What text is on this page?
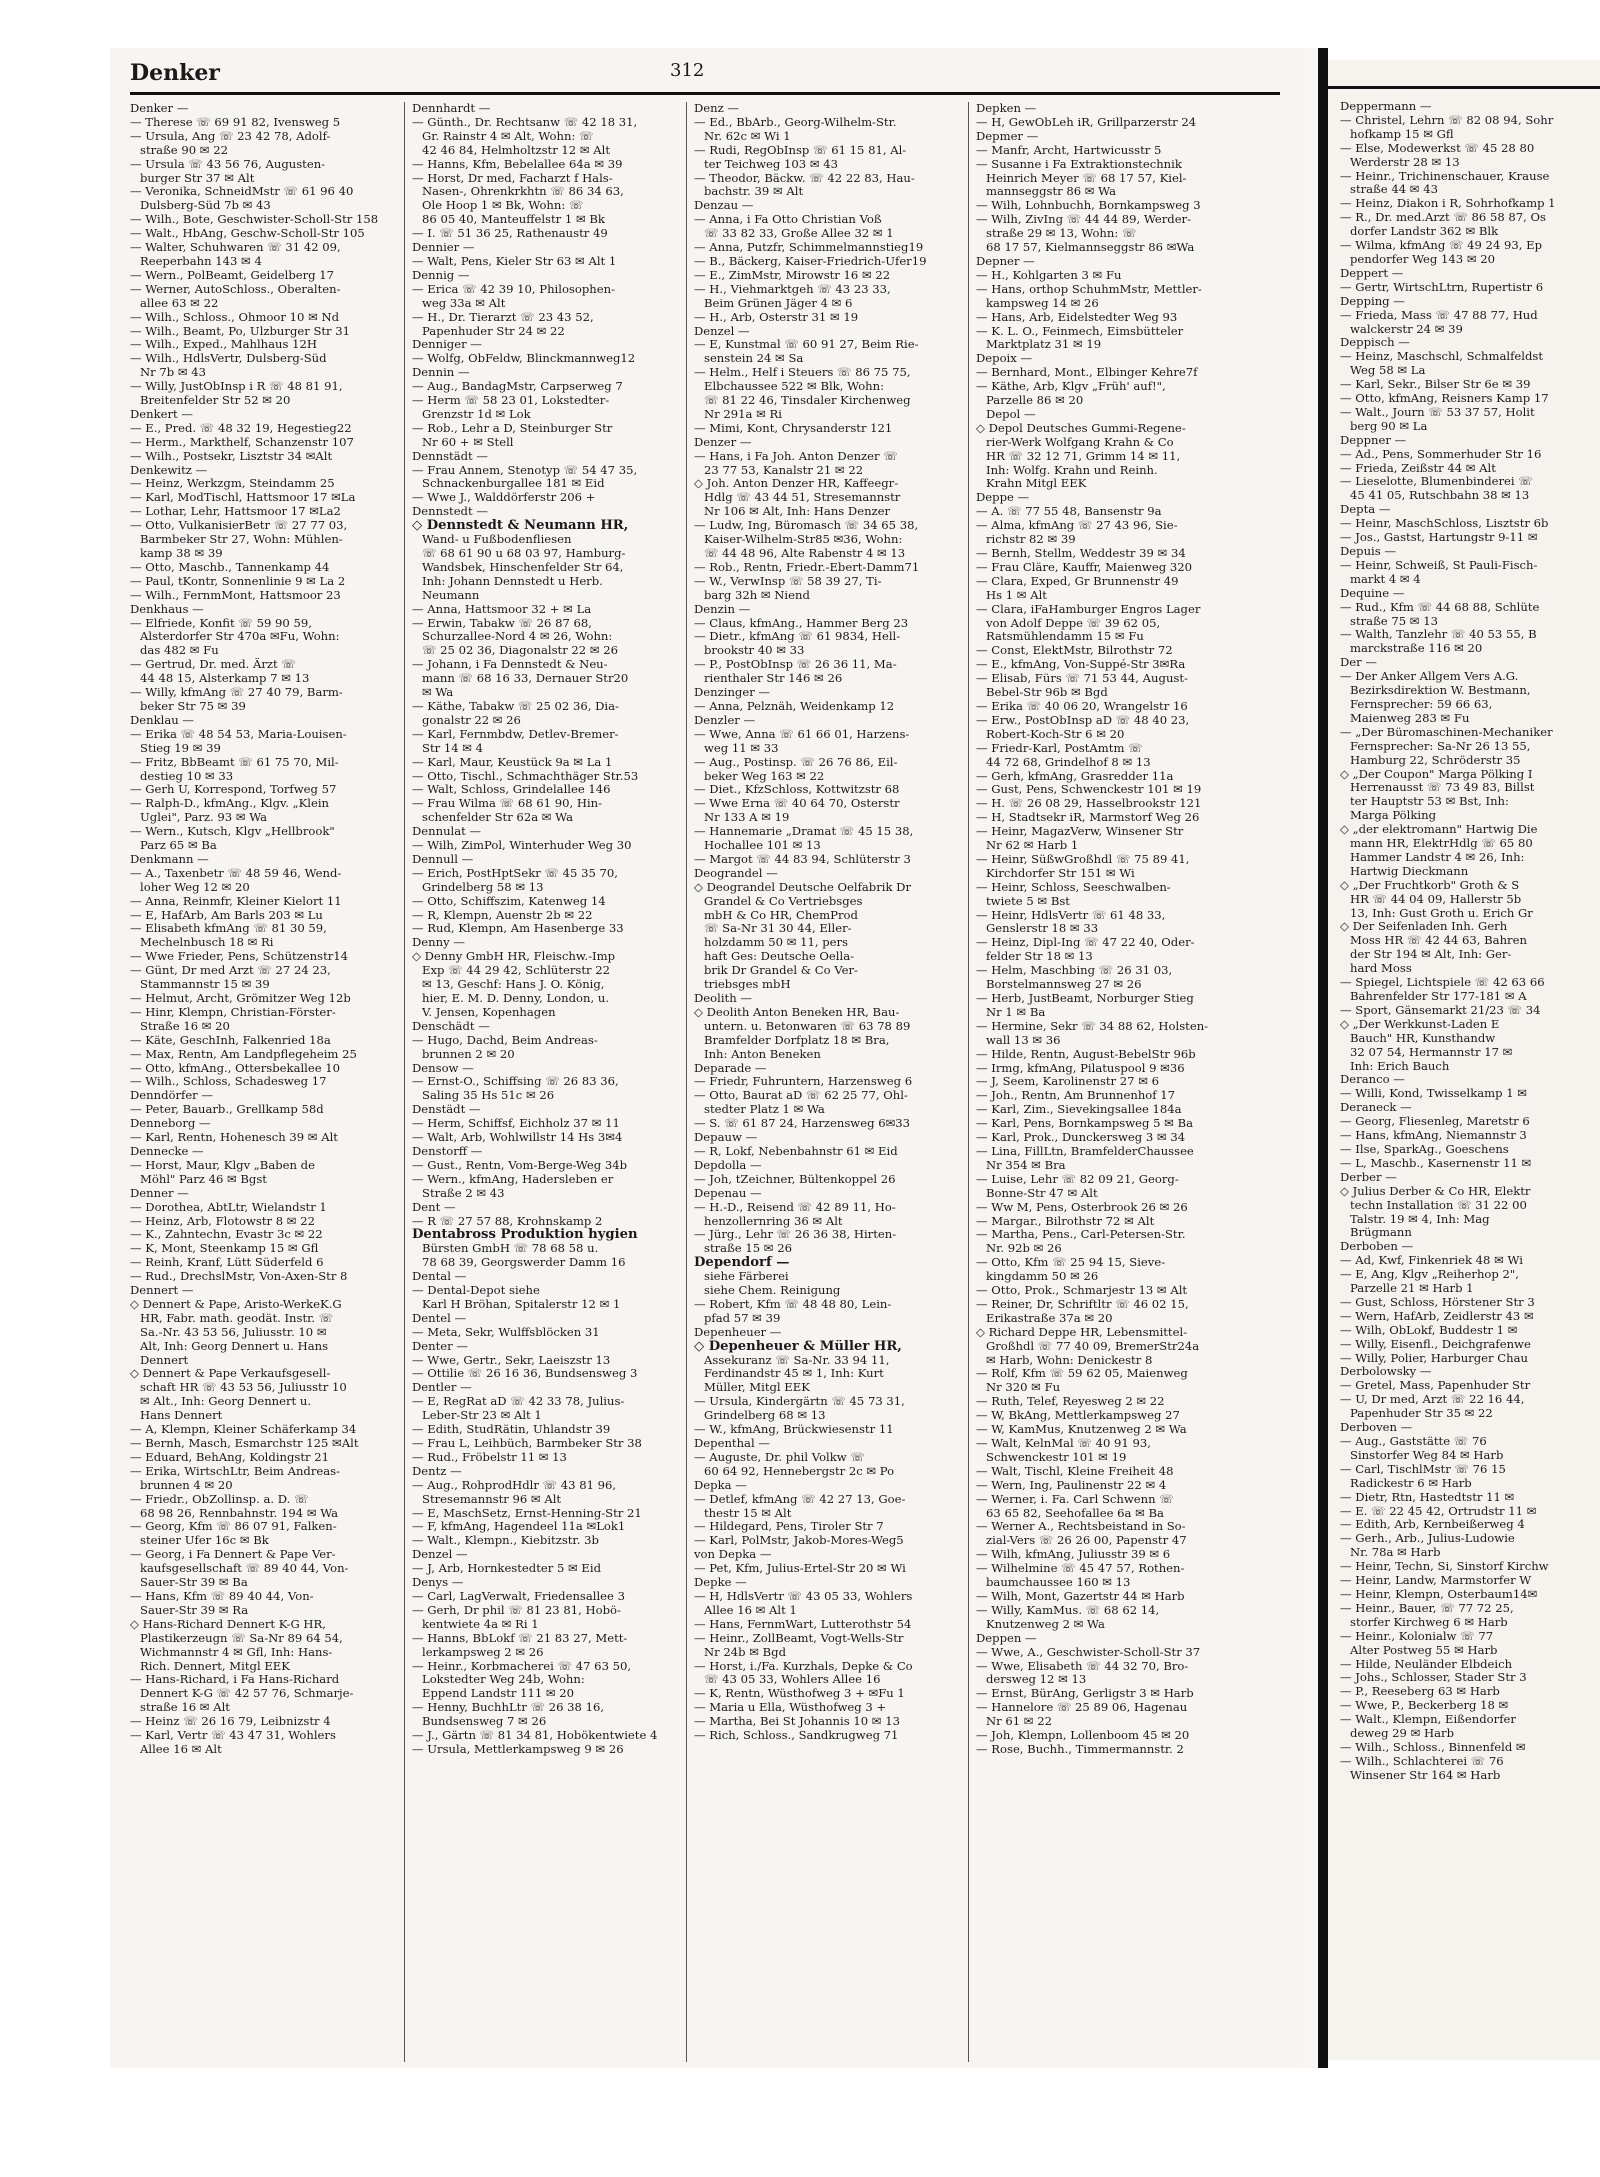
Denker	312
Denker —
— Therese ☏ 69 91 82, Ivensweg 5
— Ursula, Ang ☏ 23 42 78, Adolf-
straße 90 ✉ 22
— Ursula ☏ 43 56 76, Augusten-
burger Str 37 ✉ Alt
— Veronika, SchneidMstr ☏ 61 96 40
Dulsberg-Süd 7b ✉ 43
— Wilh., Bote, Geschwister-Scholl-Str 158
— Walt., HbAng, Geschw-Scholl-Str 105
— Walter, Schuhwaren ☏ 31 42 09,
Reeperbahn 143 ✉ 4
— Wern., PolBeamt, Geidelberg 17
— Werner, AutoSchloss., Oberalten-
allee 63 ✉ 22
— Wilh., Schloss., Ohmoor 10 ✉ Nd
— Wilh., Beamt, Po, Ulzburger Str 31
— Wilh., Exped., Mahlhaus 12H
— Wilh., HdlsVertr, Dulsberg-Süd
Nr 7b ✉ 43
— Willy, JustObInsp i R ☏ 48 81 91,
Breitenfelder Str 52 ✉ 20
Denkert —
— E., Pred. ☏ 48 32 19, Hegestieg22
— Herm., Markthelf, Schanzenstr 107
— Wilh., Postsekr, Lisztstr 34 ✉Alt
Denkewitz —
— Heinz, Werkzgm, Steindamm 25
— Karl, ModTischl, Hattsmoor 17 ✉La
— Lothar, Lehr, Hattsmoor 17 ✉La2
— Otto, VulkanisierBetr ☏ 27 77 03,
Barmbeker Str 27, Wohn: Mühlen-
kamp 38 ✉ 39
— Otto, Maschb., Tannenkamp 44
— Paul, tKontr, Sonnenlinie 9 ✉ La 2
— Wilh., FernmMont, Hattsmoor 23
Denkhaus —
— Elfriede, Konfit ☏ 59 90 59,
Alsterdorfer Str 470a ✉Fu, Wohn:
das 482 ✉ Fu
— Gertrud, Dr. med. Ärzt ☏
44 48 15, Alsterkamp 7 ✉ 13
— Willy, kfmAng ☏ 27 40 79, Barm-
beker Str 75 ✉ 39
Denklau —
— Erika ☏ 48 54 53, Maria-Louisen-
Stieg 19 ✉ 39
— Fritz, BbBeamt ☏ 61 75 70, Mil-
destieg 10 ✉ 33
— Gerh U, Korrespond, Torfweg 57
— Ralph-D., kfmAng., Klgv. „Klein
Uglei", Parz. 93 ✉ Wa
— Wern., Kutsch, Klgv „Hellbrook"
Parz 65 ✉ Ba
Denkmann —
— A., Taxenbetr ☏ 48 59 46, Wend-
loher Weg 12 ✉ 20
— Anna, Reinmfr, Kleiner Kielort 11
— E, HafArb, Am Barls 203 ✉ Lu
— Elisabeth kfmAng ☏ 81 30 59,
Mechelnbusch 18 ✉ Ri
— Wwe Frieder, Pens, Schützenstr14
— Günt, Dr med Arzt ☏ 27 24 23,
Stammannstr 15 ✉ 39
— Helmut, Archt, Grömitzer Weg 12b
— Hinr, Klempn, Christian-Förster-
Straße 16 ✉ 20
— Käte, GeschInh, Falkenried 18a
— Max, Rentn, Am Landpflegeheim 25
— Otto, kfmAng., Ottersbekallee 10
— Wilh., Schloss, Schadesweg 17
Denndörfer —
— Peter, Bauarb., Grellkamp 58d
Denneborg —
— Karl, Rentn, Hohenesch 39 ✉ Alt
Dennecke —
— Horst, Maur, Klgv „Baben de
Möhl" Parz 46 ✉ Bgst
Denner —
— Dorothea, AbtLtr, Wielandstr 1
— Heinz, Arb, Flotowstr 8 ✉ 22
— K., Zahntechn, Evastr 3c ✉ 22
— K, Mont, Steenkamp 15 ✉ Gfl
— Reinh, Kranf, Lütt Süderfeld 6
— Rud., DrechslMstr, Von-Axen-Str 8
Dennert —
◇ Dennert & Pape, Aristo-WerkeK.G
HR, Fabr. math. geodät. Instr. ☏
Sa.-Nr. 43 53 56, Juliusstr. 10 ✉
Alt, Inh: Georg Dennert u. Hans
Dennert
◇ Dennert & Pape Verkaufsgesell-
schaft HR ☏ 43 53 56, Juliusstr 10
✉ Alt., Inh: Georg Dennert u.
Hans Dennert
— A, Klempn, Kleiner Schäferkamp 34
— Bernh, Masch, Esmarchstr 125 ✉Alt
— Eduard, BehAng, Koldingstr 21
— Erika, WirtschLtr, Beim Andreas-
brunnen 4 ✉ 20
— Friedr., ObZollinsp. a. D. ☏
68 98 26, Rennbahnstr. 194 ✉ Wa
— Georg, Kfm ☏ 86 07 91, Falken-
steiner Ufer 16c ✉ Bk
— Georg, i Fa Dennert & Pape Ver-
kaufsgesellschaft ☏ 89 40 44, Von-
Sauer-Str 39 ✉ Ba
— Hans, Kfm ☏ 89 40 44, Von-
Sauer-Str 39 ✉ Ra
◇ Hans-Richard Dennert K-G HR,
Plastikerzeugn ☏ Sa-Nr 89 64 54,
Wichmannstr 4 ✉ Gfl, Inh: Hans-
Rich. Dennert, Mitgl EEK
— Hans-Richard, i Fa Hans-Richard
Dennert K-G ☏ 42 57 76, Schmarje-
straße 16 ✉ Alt
— Heinz ☏ 26 16 79, Leibnizstr 4
— Karl, Vertr ☏ 43 47 31, Wohlers
Allee 16 ✉ Alt
Dennhardt —
— Günth., Dr. Rechtsanw ☏ 42 18 31,
Gr. Rainstr 4 ✉ Alt, Wohn: ☏
42 46 84, Helmholtzstr 12 ✉ Alt
— Hanns, Kfm, Bebelallee 64a ✉ 39
— Horst, Dr med, Facharzt f Hals-
Nasen-, Ohrenkrkhtn ☏ 86 34 63,
Ole Hoop 1 ✉ Bk, Wohn: ☏
86 05 40, Manteuffelstr 1 ✉ Bk
— I. ☏ 51 36 25, Rathenaustr 49
Dennier —
— Walt, Pens, Kieler Str 63 ✉ Alt 1
Dennig —
— Erica ☏ 42 39 10, Philosophen-
weg 33a ✉ Alt
— H., Dr. Tierarzt ☏ 23 43 52,
Papenhuder Str 24 ✉ 22
Denniger —
— Wolfg, ObFeldw, Blinckmannweg12
Dennin —
— Aug., BandagMstr, Carpserweg 7
— Herm ☏ 58 23 01, Lokstedter-
Grenzstr 1d ✉ Lok
— Rob., Lehr a D, Steinburger Str
Nr 60 + ✉ Stell
Dennstädt —
— Frau Annem, Stenotyp ☏ 54 47 35,
Schnackenburgallee 181 ✉ Eid
— Wwe J., Walddörferstr 206 +
Dennstedt —
◇ Dennstedt & Neumann HR,
Wand- u Fußbodenfliesen
☏ 68 61 90 u 68 03 97, Hamburg-
Wandsbek, Hinschenfelder Str 64,
Inh: Johann Dennstedt u Herb.
Neumann
— Anna, Hattsmoor 32 + ✉ La
— Erwin, Tabakw ☏ 26 87 68,
Schurzallee-Nord 4 ✉ 26, Wohn:
☏ 25 02 36, Diagonalstr 22 ✉ 26
— Johann, i Fa Dennstedt & Neu-
mann ☏ 68 16 33, Dernauer Str20
✉ Wa
— Käthe, Tabakw ☏ 25 02 36, Dia-
gonalstr 22 ✉ 26
— Karl, Fernmbdw, Detlev-Bremer-
Str 14 ✉ 4
— Karl, Maur, Keustück 9a ✉ La 1
— Otto, Tischl., Schmachthäger Str.53
— Walt, Schloss, Grindelallee 146
— Frau Wilma ☏ 68 61 90, Hin-
schenfelder Str 62a ✉ Wa
Dennulat —
— Wilh, ZimPol, Winterhuder Weg 30
Dennull —
— Erich, PostHptSekr ☏ 45 35 70,
Grindelberg 58 ✉ 13
— Otto, Schiffszim, Katenweg 14
— R, Klempn, Auenstr 2b ✉ 22
— Rud, Klempn, Am Hasenberge 33
Denny —
◇ Denny GmbH HR, Fleischw.-Imp
Exp ☏ 44 29 42, Schlüterstr 22
✉ 13, Geschf: Hans J. O. König,
hier, E. M. D. Denny, London, u.
V. Jensen, Kopenhagen
Denschädt —
— Hugo, Dachd, Beim Andreas-
brunnen 2 ✉ 20
Densow —
— Ernst-O., Schiffsing ☏ 26 83 36,
Saling 35 Hs 51c ✉ 26
Denstädt —
— Herm, Schiffsf, Eichholz 37 ✉ 11
— Walt, Arb, Wohlwillstr 14 Hs 3✉4
Denstorff —
— Gust., Rentn, Vom-Berge-Weg 34b
— Wern., kfmAng, Hadersleben er
Straße 2 ✉ 43
Dent —
— R ☏ 27 57 88, Krohnskamp 2
Dentabross Produktion hygien
Bürsten GmbH ☏ 78 68 58 u.
78 68 39, Georgswerder Damm 16
Dental —
— Dental-Depot siehe
Karl H Bröhan, Spitalerstr 12 ✉ 1
Dentel —
— Meta, Sekr, Wulffsblöcken 31
Denter —
— Wwe, Gertr., Sekr, Laeiszstr 13
— Ottilie ☏ 26 16 36, Bundsensweg 3
Dentler —
— E, RegRat aD ☏ 42 33 78, Julius-
Leber-Str 23 ✉ Alt 1
— Edith, StudRätin, Uhlandstr 39
— Frau L, Leihbüch, Barmbeker Str 38
— Rud., Fröbelstr 11 ✉ 13
Dentz —
— Aug., RohprodHdlr ☏ 43 81 96,
Stresemannstr 96 ✉ Alt
— E, MaschSetz, Ernst-Henning-Str 21
— F, kfmAng, Hagendeel 11a ✉Lok1
— Walt., Klempn., Kiebitzstr. 3b
Denzel —
— J, Arb, Hornkestedter 5 ✉ Eid
Denys —
— Carl, LagVerwalt, Friedensallee 3
— Gerh, Dr phil ☏ 81 23 81, Hobö-
kentwiete 4a ✉ Ri 1
— Hanns, BbLokf ☏ 21 83 27, Mett-
lerkampsweg 2 ✉ 26
— Heinr., Korbmacherei ☏ 47 63 50,
Lokstedter Weg 24b, Wohn:
Eppend Landstr 111 ✉ 20
— Henny, BuchhLtr ☏ 26 38 16,
Bundsensweg 7 ✉ 26
— J., Gärtn ☏ 81 34 81, Hobökentwiete 4
— Ursula, Mettlerkampsweg 9 ✉ 26
Denz —
— Ed., BbArb., Georg-Wilhelm-Str.
Nr. 62c ✉ Wi 1
— Rudi, RegObInsp ☏ 61 15 81, Al-
ter Teichweg 103 ✉ 43
— Theodor, Bäckw. ☏ 42 22 83, Hau-
bachstr. 39 ✉ Alt
Denzau —
— Anna, i Fa Otto Christian Voß
☏ 33 82 33, Große Allee 32 ✉ 1
— Anna, Putzfr, Schimmelmannstieg19
— B., Bäckerg, Kaiser-Friedrich-Ufer19
— E., ZimMstr, Mirowstr 16 ✉ 22
— H., Viehmarktgeh ☏ 43 23 33,
Beim Grünen Jäger 4 ✉ 6
— H., Arb, Osterstr 31 ✉ 19
Denzel —
— E, Kunstmal ☏ 60 91 27, Beim Rie-
senstein 24 ✉ Sa
— Helm., Helf i Steuers ☏ 86 75 75,
Elbchaussee 522 ✉ Blk, Wohn:
☏ 81 22 46, Tinsdaler Kirchenweg
Nr 291a ✉ Ri
— Mimi, Kont, Chrysanderstr 121
Denzer —
— Hans, i Fa Joh. Anton Denzer ☏
23 77 53, Kanalstr 21 ✉ 22
◇ Joh. Anton Denzer HR, Kaffeegr-
Hdlg ☏ 43 44 51, Stresemannstr
Nr 106 ✉ Alt, Inh: Hans Denzer
— Ludw, Ing, Büromasch ☏ 34 65 38,
Kaiser-Wilhelm-Str85 ✉36, Wohn:
☏ 44 48 96, Alte Rabenstr 4 ✉ 13
— Rob., Rentn, Friedr.-Ebert-Damm71
— W., VerwInsp ☏ 58 39 27, Ti-
barg 32h ✉ Niend
Denzin —
— Claus, kfmAng., Hammer Berg 23
— Dietr., kfmAng ☏ 61 9834, Hell-
brookstr 40 ✉ 33
— P., PostObInsp ☏ 26 36 11, Ma-
rienthaler Str 146 ✉ 26
Denzinger —
— Anna, Pelznäh, Weidenkamp 12
Denzler —
— Wwe, Anna ☏ 61 66 01, Harzens-
weg 11 ✉ 33
— Aug., Postinsp. ☏ 26 76 86, Eil-
beker Weg 163 ✉ 22
— Diet., KfzSchloss, Kottwitzstr 68
— Wwe Erna ☏ 40 64 70, Osterstr
Nr 133 A ✉ 19
— Hannemarie „Dramat ☏ 45 15 38,
Hochallee 101 ✉ 13
— Margot ☏ 44 83 94, Schlüterstr 3
Deograndel —
◇ Deograndel Deutsche Oelfabrik Dr
Grandel & Co Vertriebsges
mbH & Co HR, ChemProd
☏ Sa-Nr 31 30 44, Eller-
holzdamm 50 ✉ 11, pers
haft Ges: Deutsche Oella-
brik Dr Grandel & Co Ver-
triebsges mbH
Deolith —
◇ Deolith Anton Beneken HR, Bau-
untern. u. Betonwaren ☏ 63 78 89
Bramfelder Dorfplatz 18 ✉ Bra,
Inh: Anton Beneken
Deparade —
— Friedr, Fuhruntern, Harzensweg 6
— Otto, Baurat aD ☏ 62 25 77, Ohl-
stedter Platz 1 ✉ Wa
— S. ☏ 61 87 24, Harzensweg 6✉33
Depauw —
— R, Lokf, Nebenbahnstr 61 ✉ Eid
Depdolla —
— Joh, tZeichner, Bültenkoppel 26
Depenau —
— H.-D., Reisend ☏ 42 89 11, Ho-
henzollernring 36 ✉ Alt
— Jürg., Lehr ☏ 26 36 38, Hirten-
straße 15 ✉ 26
Dependorf —
siehe Färberei
siehe Chem. Reinigung
— Robert, Kfm ☏ 48 48 80, Lein-
pfad 57 ✉ 39
Depenheuer —
◇ Depenheuer & Müller HR,
Assekuranz ☏ Sa-Nr. 33 94 11,
Ferdinandstr 45 ✉ 1, Inh: Kurt
Müller, Mitgl EEK
— Ursula, Kindergärtn ☏ 45 73 31,
Grindelberg 68 ✉ 13
— W., kfmAng, Brückwiesenstr 11
Depenthal —
— Auguste, Dr. phil Volkw ☏
60 64 92, Hennebergstr 2c ✉ Po
Depka —
— Detlef, kfmAng ☏ 42 27 13, Goe-
thestr 15 ✉ Alt
— Hildegard, Pens, Tiroler Str 7
— Karl, PolMstr, Jakob-Mores-Weg5
von Depka —
— Pet, Kfm, Julius-Ertel-Str 20 ✉ Wi
Depke —
— H, HdlsVertr ☏ 43 05 33, Wohlers
Allee 16 ✉ Alt 1
— Hans, FernmWart, Lutterothstr 54
— Heinr., ZollBeamt, Vogt-Wells-Str
Nr 24b ✉ Bgd
— Horst, i./Fa. Kurzhals, Depke & Co
☏ 43 05 33, Wohlers Allee 16
— K, Rentn, Wüsthofweg 3 + ✉Fu 1
— Maria u Ella, Wüsthofweg 3 +
— Martha, Bei St Johannis 10 ✉ 13
— Rich, Schloss., Sandkrugweg 71
Depken —
— H, GewObLeh iR, Grillparzerstr 24
Depmer —
— Manfr, Archt, Hartwicusstr 5
— Susanne i Fa Extraktionstechnik
Heinrich Meyer ☏ 68 17 57, Kiel-
mannseggstr 86 ✉ Wa
— Wilh, Lohnbuchh, Bornkampsweg 3
— Wilh, ZivIng ☏ 44 44 89, Werder-
straße 29 ✉ 13, Wohn: ☏
68 17 57, Kielmannseggstr 86 ✉Wa
Depner —
— H., Kohlgarten 3 ✉ Fu
— Hans, orthop SchuhmMstr, Mettler-
kampsweg 14 ✉ 26
— Hans, Arb, Eidelstedter Weg 93
— K. L. O., Feinmech, Eimsbütteler
Marktplatz 31 ✉ 19
Depoix —
— Bernhard, Mont., Elbinger Kehre7f
— Käthe, Arb, Klgv „Früh' auf!",
Parzelle 86 ✉ 20
Depol —
◇ Depol Deutsches Gummi-Regene-
rier-Werk Wolfgang Krahn & Co
HR ☏ 32 12 71, Grimm 14 ✉ 11,
Inh: Wolfg. Krahn und Reinh.
Krahn Mitgl EEK
Deppe —
— A. ☏ 77 55 48, Bansenstr 9a
— Alma, kfmAng ☏ 27 43 96, Sie-
richstr 82 ✉ 39
— Bernh, Stellm, Weddestr 39 ✉ 34
— Frau Cläre, Kauffr, Maienweg 320
— Clara, Exped, Gr Brunnenstr 49
Hs 1 ✉ Alt
— Clara, iFaHamburger Engros Lager
von Adolf Deppe ☏ 39 62 05,
Ratsmühlendamm 15 ✉ Fu
— Const, ElektMstr, Bilrothstr 72
— E., kfmAng, Von-Suppé-Str 3✉Ra
— Elisab, Fürs ☏ 71 53 44, August-
Bebel-Str 96b ✉ Bgd
— Erika ☏ 40 06 20, Wrangelstr 16
— Erw., PostObInsp aD ☏ 48 40 23,
Robert-Koch-Str 6 ✉ 20
— Friedr-Karl, PostAmtm ☏
44 72 68, Grindelhof 8 ✉ 13
— Gerh, kfmAng, Grasredder 11a
— Gust, Pens, Schwenckestr 101 ✉ 19
— H. ☏ 26 08 29, Hasselbrookstr 121
— H, Stadtsekr iR, Marmstorf Weg 26
— Heinr, MagazVerw, Winsener Str
Nr 62 ✉ Harb 1
— Heinr, SüßwGroßhdl ☏ 75 89 41,
Kirchdorfer Str 151 ✉ Wi
— Heinr, Schloss, Seeschwalben-
twiete 5 ✉ Bst
— Heinr, HdlsVertr ☏ 61 48 33,
Genslerstr 18 ✉ 33
— Heinz, Dipl-Ing ☏ 47 22 40, Oder-
felder Str 18 ✉ 13
— Helm, Maschbing ☏ 26 31 03,
Borstelmannsweg 27 ✉ 26
— Herb, JustBeamt, Norburger Stieg
Nr 1 ✉ Ba
— Hermine, Sekr ☏ 34 88 62, Holsten-
wall 13 ✉ 36
— Hilde, Rentn, August-BebelStr 96b
— Irmg, kfmAng, Pilatuspool 9 ✉36
— J, Seem, Karolinenstr 27 ✉ 6
— Joh., Rentn, Am Brunnenhof 17
— Karl, Zim., Sievekingsallee 184a
— Karl, Pens, Bornkampsweg 5 ✉ Ba
— Karl, Prok., Dunckersweg 3 ✉ 34
— Lina, FillLtn, BramfelderChaussee
Nr 354 ✉ Bra
— Luise, Lehr ☏ 82 09 21, Georg-
Bonne-Str 47 ✉ Alt
— Ww M, Pens, Osterbrook 26 ✉ 26
— Margar., Bilrothstr 72 ✉ Alt
— Martha, Pens., Carl-Petersen-Str.
Nr. 92b ✉ 26
— Otto, Kfm ☏ 25 94 15, Sieve-
kingdamm 50 ✉ 26
— Otto, Prok., Schmarjestr 13 ✉ Alt
— Reiner, Dr, Schriftltr ☏ 46 02 15,
Erikastraße 37a ✉ 20
◇ Richard Deppe HR, Lebensmittel-
Großhdl ☏ 77 40 09, BremerStr24a
✉ Harb, Wohn: Denickestr 8
— Rolf, Kfm ☏ 59 62 05, Maienweg
Nr 320 ✉ Fu
— Ruth, Telef, Reyesweg 2 ✉ 22
— W, BkAng, Mettlerkampsweg 27
— W, KamMus, Knutzenweg 2 ✉ Wa
— Walt, KelnMal ☏ 40 91 93,
Schwenckestr 101 ✉ 19
— Walt, Tischl, Kleine Freiheit 48
— Wern, Ing, Paulinenstr 22 ✉ 4
— Werner, i. Fa. Carl Schwenn ☏
63 65 82, Seehofallee 6a ✉ Ba
— Werner A., Rechtsbeistand in So-
zial-Vers ☏ 26 26 00, Papenstr 47
— Wilh, kfmAng, Juliusstr 39 ✉ 6
— Wilhelmine ☏ 45 47 57, Rothen-
baumchaussee 160 ✉ 13
— Wilh, Mont, Gazertstr 44 ✉ Harb
— Willy, KamMus. ☏ 68 62 14,
Knutzenweg 2 ✉ Wa
Deppen —
— Wwe, A., Geschwister-Scholl-Str 37
— Wwe, Elisabeth ☏ 44 32 70, Bro-
dersweg 12 ✉ 13
— Ernst, BürAng, Gerligstr 3 ✉ Harb
— Hannelore ☏ 25 89 06, Hagenau
Nr 61 ✉ 22
— Joh, Klempn, Lollenboom 45 ✉ 20
— Rose, Buchh., Timmermannstr. 2
Deppermann —
— Christel, Lehrn ☏ 82 08 94, Sohr
hofkamp 15 ✉ Gfl
— Else, Modewerkst ☏ 45 28 80
Werderstr 28 ✉ 13
— Heinr., Trichinenschauer, Krause
straße 44 ✉ 43
— Heinz, Diakon i R, Sohrhofkamp 1
— R., Dr. med.Arzt ☏ 86 58 87, Os
dorfer Landstr 362 ✉ Blk
— Wilma, kfmAng ☏ 49 24 93, Ep
pendorfer Weg 143 ✉ 20
Deppert —
— Gertr, WirtschLtrn, Rupertistr 6
Depping —
— Frieda, Mass ☏ 47 88 77, Hud
walckerstr 24 ✉ 39
Deppisch —
— Heinz, Maschschl, Schmalfeldst
Weg 58 ✉ La
— Karl, Sekr., Bilser Str 6e ✉ 39
— Otto, kfmAng, Reisners Kamp 17
— Walt., Journ ☏ 53 37 57, Holit
berg 90 ✉ La
Deppner —
— Ad., Pens, Sommerhuder Str 16
— Frieda, Zeißstr 44 ✉ Alt
— Lieselotte, Blumenbinderei ☏
45 41 05, Rutschbahn 38 ✉ 13
Depta —
— Heinr, MaschSchloss, Lisztstr 6b
— Jos., Gastst, Hartungstr 9-11 ✉
Depuis —
— Heinr, Schweiß, St Pauli-Fisch-
markt 4 ✉ 4
Dequine —
— Rud., Kfm ☏ 44 68 88, Schlüte
straße 75 ✉ 13
— Walth, Tanzlehr ☏ 40 53 55, B
marckstraße 116 ✉ 20
Der —
— Der Anker Allgem Vers A.G.
Bezirksdirektion W. Bestmann,
Fernsprecher: 59 66 63,
Maienweg 283 ✉ Fu
— „Der Büromaschinen-Mechaniker
Fernsprecher: Sa-Nr 26 13 55,
Hamburg 22, Schröderstr 35
◇ „Der Coupon" Marga Pölking I
Herrenausst ☏ 73 49 83, Billst
ter Hauptstr 53 ✉ Bst, Inh:
Marga Pölking
◇ „der elektromann" Hartwig Die
mann HR, ElektrHdlg ☏ 65 80
Hammer Landstr 4 ✉ 26, Inh:
Hartwig Dieckmann
◇ „Der Fruchtkorb" Groth & S
HR ☏ 44 04 09, Hallerstr 5b
13, Inh: Gust Groth u. Erich Gr
◇ Der Seifenladen Inh. Gerh
Moss HR ☏ 42 44 63, Bahren
der Str 194 ✉ Alt, Inh: Ger-
hard Moss
— Spiegel, Lichtspiele ☏ 42 63 66
Bahrenfelder Str 177-181 ✉ A
— Sport, Gänsemarkt 21/23 ☏ 34
◇ „Der Werkkunst-Laden E
Bauch" HR, Kunsthandw
32 07 54, Hermannstr 17 ✉
Inh: Erich Bauch
Deranco —
— Willi, Kond, Twisselkamp 1 ✉
Deraneck —
— Georg, Fliesenleg, Maretstr 6
— Hans, kfmAng, Niemannstr 3
— Ilse, SparkAg., Goeschens
— L, Maschb., Kasernenstr 11 ✉
Derber —
◇ Julius Derber & Co HR, Elektr
techn Installation ☏ 31 22 00
Talstr. 19 ✉ 4, Inh: Mag
Brügmann
Derboben —
— Ad, Kwf, Finkenriek 48 ✉ Wi
— E, Ang, Klgv „Reiherhop 2",
Parzelle 21 ✉ Harb 1
— Gust, Schloss, Hörstener Str 3
— Wern, HafArb, Zeidlerstr 43 ✉
— Wilh, ObLokf, Buddestr 1 ✉
— Willy, Eisenfl., Deichgrafenwe
— Willy, Polier, Harburger Chau
Derbolowsky —
— Gretel, Mass, Papenhuder Str
— U, Dr med, Arzt ☏ 22 16 44,
Papenhuder Str 35 ✉ 22
Derboven —
— Aug., Gaststätte ☏ 76
Sinstorfer Weg 84 ✉ Harb
— Carl, TischlMstr ☏ 76 15
Radickestr 6 ✉ Harb
— Dietr, Rtn, Hastedtstr 11 ✉
— E. ☏ 22 45 42, Ortrudstr 11 ✉
— Edith, Arb, Kernbeißerweg 4
— Gerh., Arb., Julius-Ludowie
Nr. 78a ✉ Harb
— Heinr, Techn, Si, Sinstorf Kirchw
— Heinr, Landw, Marmstorfer W
— Heinr, Klempn, Osterbaum14✉
— Heinr., Bauer, ☏ 77 72 25,
storfer Kirchweg 6 ✉ Harb
— Heinr., Kolonialw ☏ 77
Alter Postweg 55 ✉ Harb
— Hilde, Neuländer Elbdeich
— Johs., Schlosser, Stader Str 3
— P., Reeseberg 63 ✉ Harb
— Wwe, P., Beckerberg 18 ✉
— Walt., Klempn, Eißendorfer
deweg 29 ✉ Harb
— Wilh., Schloss., Binnenfeld ✉
— Wilh., Schlachterei ☏ 76
Winsener Str 164 ✉ Harb
